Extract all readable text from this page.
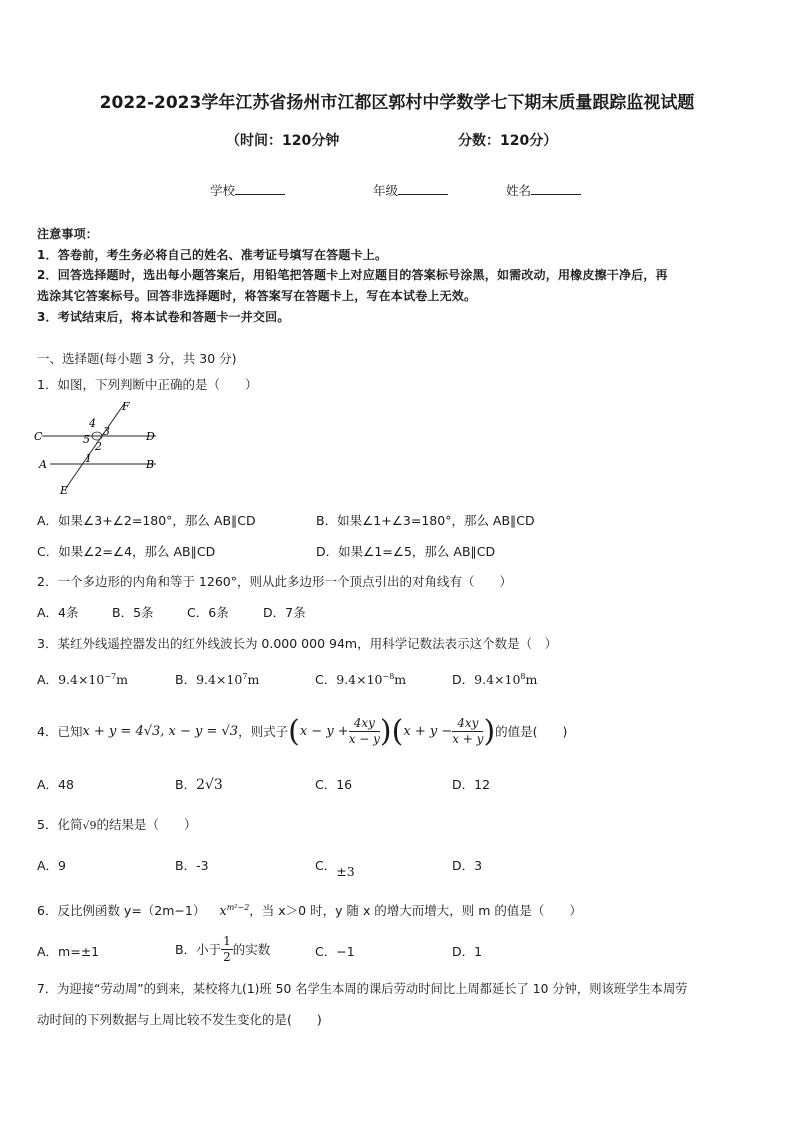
2022-2023学年江苏省扬州市江都区郭村中学数学七下期末质量跟踪监视试题
（时间：120分钟	分数：120分）
学校	年级	姓名
注意事项：
1．答卷前，考生务必将自己的姓名、准考证号填写在答题卡上。
2．回答选择题时，选出每小题答案后，用铅笔把答题卡上对应题目的答案标号涂黑，如需改动，用橡皮擦干净后，再
选涂其它答案标号。回答非选择题时，将答案写在答题卡上，写在本试卷上无效。
3．考试结束后，将本试卷和答题卡一并交回。
一、选择题(每小题 3 分，共 30 分)
1．如图，下列判断中正确的是（　　）
F
C	D
A	B
E
4
3
5
2
1
A．如果∠3+∠2=180°，那么 AB∥CD	B．如果∠1+∠3=180°，那么 AB∥CD
C．如果∠2=∠4，那么 AB∥CD	D．如果∠1=∠5，那么 AB∥CD
2．一个多边形的内角和等于 1260°，则从此多边形一个顶点引出的对角线有（　　）
A．4条	B．5条	C．6条	D．7条
3．某红外线遥控器发出的红外线波长为 0.000 000 94m，用科学记数法表示这个数是（　）
A．$9.4\times 10^{-7}m$	B．$9.4\times 10^7m$	C．$9.4\times 10^{-8}m$	D．$9.4\times 10^8m$
4．已知 x + y = 4√3, x − y = √3 ，则式子 ( $x - y + \frac{4xy}{x - y}$ ) ( $x + y - \frac{4xy}{x + y}$ ) 的值是(　　)
A．48	B．2√3	C．16	D．12
5．化简√9的结果是（　　）
A．9	B．-3	C．±3	D．3
6．反比例函数 y=（2m−1） $x^{m^2-2}$，当 x＞0 时，y 随 x 的增大而增大，则 m 的值是（　　）
A．m=±1	B．小于 $\frac{1}{2}$ 的实数	C．−1	D．1
7．为迎接“劳动周”的到来，某校将九(1)班 50 名学生本周的课后劳动时间比上周都延长了 10 分钟，则该班学生本周劳
动时间的下列数据与上周比较不发生变化的是(　　)
